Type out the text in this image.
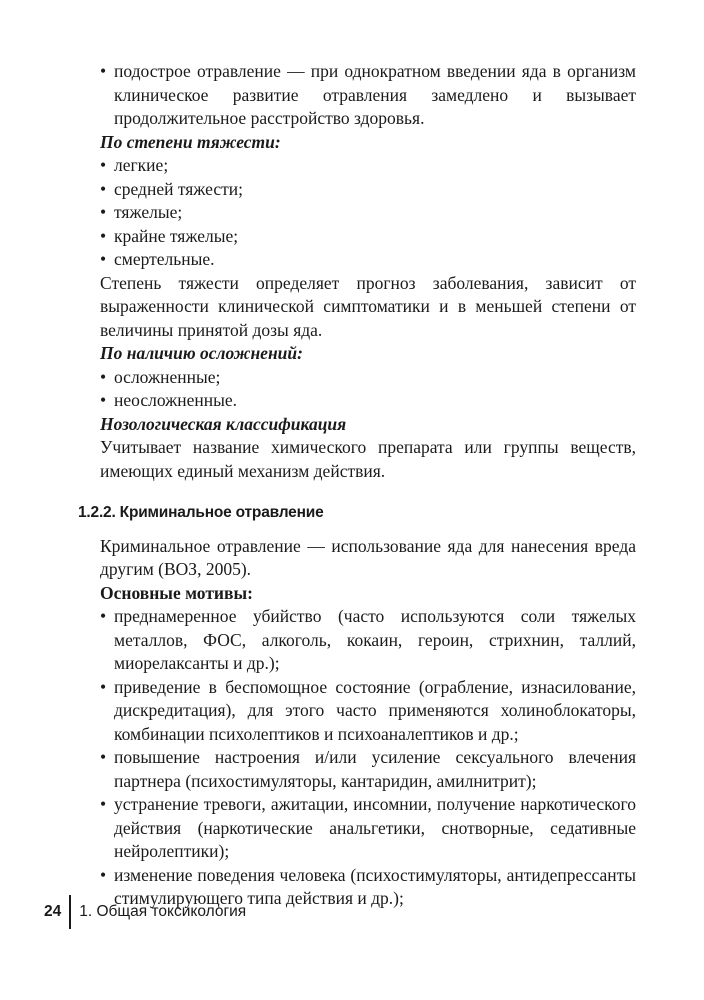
• подострое отравление — при однократном введении яда в организм клиническое развитие отравления замедлено и вызывает продолжительное расстройство здоровья.

По степени тяжести:

• легкие;
• средней тяжести;
• тяжелые;
• крайне тяжелые;
• смертельные.

Степень тяжести определяет прогноз заболевания, зависит от выраженности клинической симптоматики и в меньшей степени от величины принятой дозы яда.

По наличию осложнений:

• осложненные;
• неосложненные.

Нозологическая классификация

Учитывает название химического препарата или группы веществ, имеющих единый механизм действия.

1.2.2. Криминальное отравление

Криминальное отравление — использование яда для нанесения вреда другим (ВОЗ, 2005).

Основные мотивы:

• преднамеренное убийство (часто используются соли тяжелых металлов, ФОС, алкоголь, кокаин, героин, стрихнин, таллий, миорелаксанты и др.);
• приведение в беспомощное состояние (ограбление, изнасилование, дискредитация), для этого часто применяются холиноблокаторы, комбинации психолептиков и психоаналептиков и др.;
• повышение настроения и/или усиление сексуального влечения партнера (психостимуляторы, кантаридин, амилнитрит);
• устранение тревоги, ажитации, инсомнии, получение наркотического действия (наркотические анальгетики, снотворные, седативные нейролептики);
• изменение поведения человека (психостимуляторы, антидепрессанты стимулирующего типа действия и др.);
24	1. Общая токсикология
